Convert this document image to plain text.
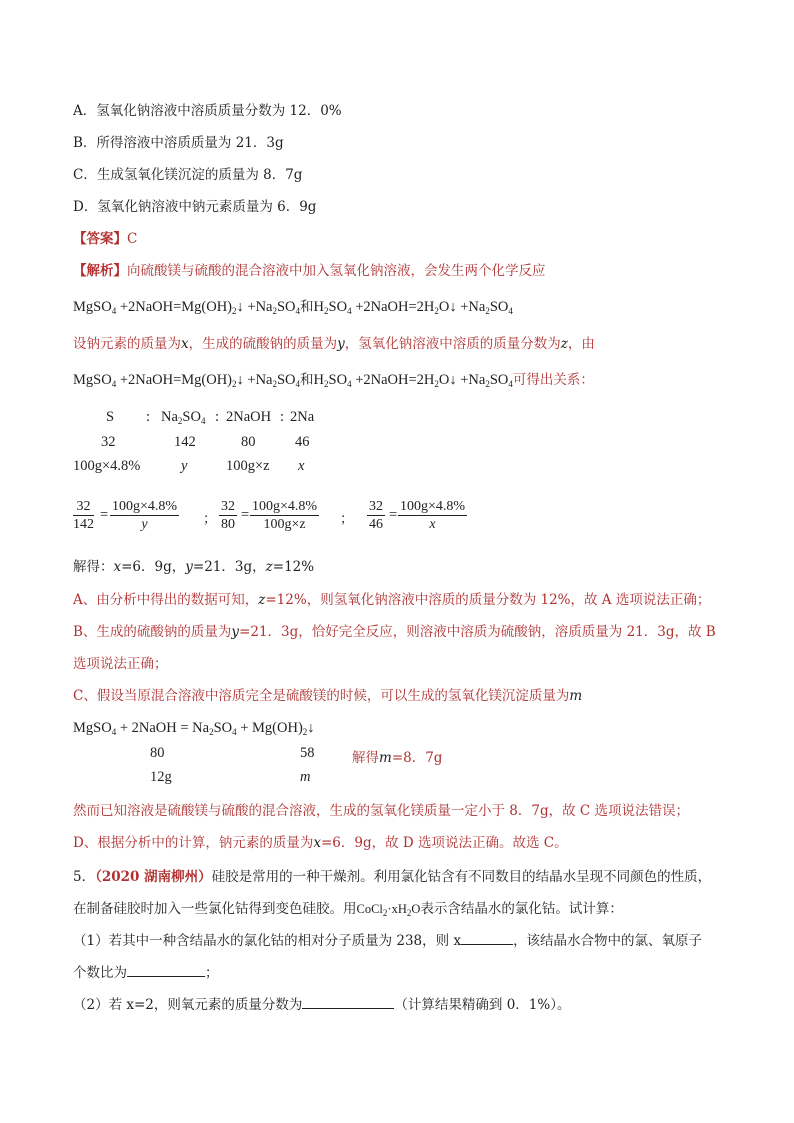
A．氢氧化钠溶液中溶质质量分数为 12．0%
B．所得溶液中溶质质量为 21．3g
C．生成氢氧化镁沉淀的质量为 8．7g
D．氢氧化钠溶液中钠元素质量为 6．9g
【答案】C
【解析】向硫酸镁与硫酸的混合溶液中加入氢氧化钠溶液，会发生两个化学反应
MgSO$_4$ $+2NaOH=Mg(OH)_2↓ +Na_2SO_4$和$H_2SO_4$ $+2NaOH=2H_2O↓ +Na_2SO_4$
设钠元素的质量为x，生成的硫酸钠的质量为y，氢氧化钠溶液中溶质的质量分数为z，由
MgSO$_4$ $+2NaOH=Mg(OH)_2↓ +Na_2SO_4$和$H_2SO_4$ $+2NaOH=2H_2O↓ +Na_2SO_4$可得出关系：
S : $Na_2SO_4$ : 2NaOH : 2Na
32	142	80	46
100g×4.8%	y	100g×z x
$\frac{32}{142} = \frac{100g\times 4.8\%}{y}$ ； $\frac{32}{80} = \frac{100g\times 4.8\%}{100g\times z}$ ； $\frac{32}{46} = \frac{100g\times 4.8\%}{x}$
解得：x=6．9g，y=21．3g，z=12%
A、由分析中得出的数据可知，z=12%，则氢氧化钠溶液中溶质的质量分数为 12%，故 A 选项说法正确；
B、生成的硫酸钠的质量为y=21．3g，恰好完全反应，则溶液中溶质为硫酸钠，溶质质量为 21．3g，故 B
选项说法正确；
C、假设当原混合溶液中溶质完全是硫酸镁的时候，可以生成的氢氧化镁沉淀质量为m
MgSO$_4$ + 2NaOH = $Na_2SO_4$ + $Mg(OH)_2↓$
80	58	解得m=8．7g
12g	m
然而已知溶液是硫酸镁与硫酸的混合溶液，生成的氢氧化镁质量一定小于 8．7g，故 C 选项说法错误；
D、根据分析中的计算，钠元素的质量为x=6．9g，故 D 选项说法正确。故选 C。
5．（2020 湖南柳州）硅胶是常用的一种干燥剂。利用氯化钴含有不同数目的结晶水呈现不同颜色的性质，
在制备硅胶时加入一些氯化钴得到变色硅胶。用$CoCl_2\cdot xH_2O$表示含结晶水的氯化钴。试计算：
（1）若其中一种含结晶水的氯化钴的相对分子质量为 238，则 x	，该结晶水合物中的氯、氧原子
个数比为	；
（2）若 x=2，则氧元素的质量分数为	（计算结果精确到 0．1%）。
